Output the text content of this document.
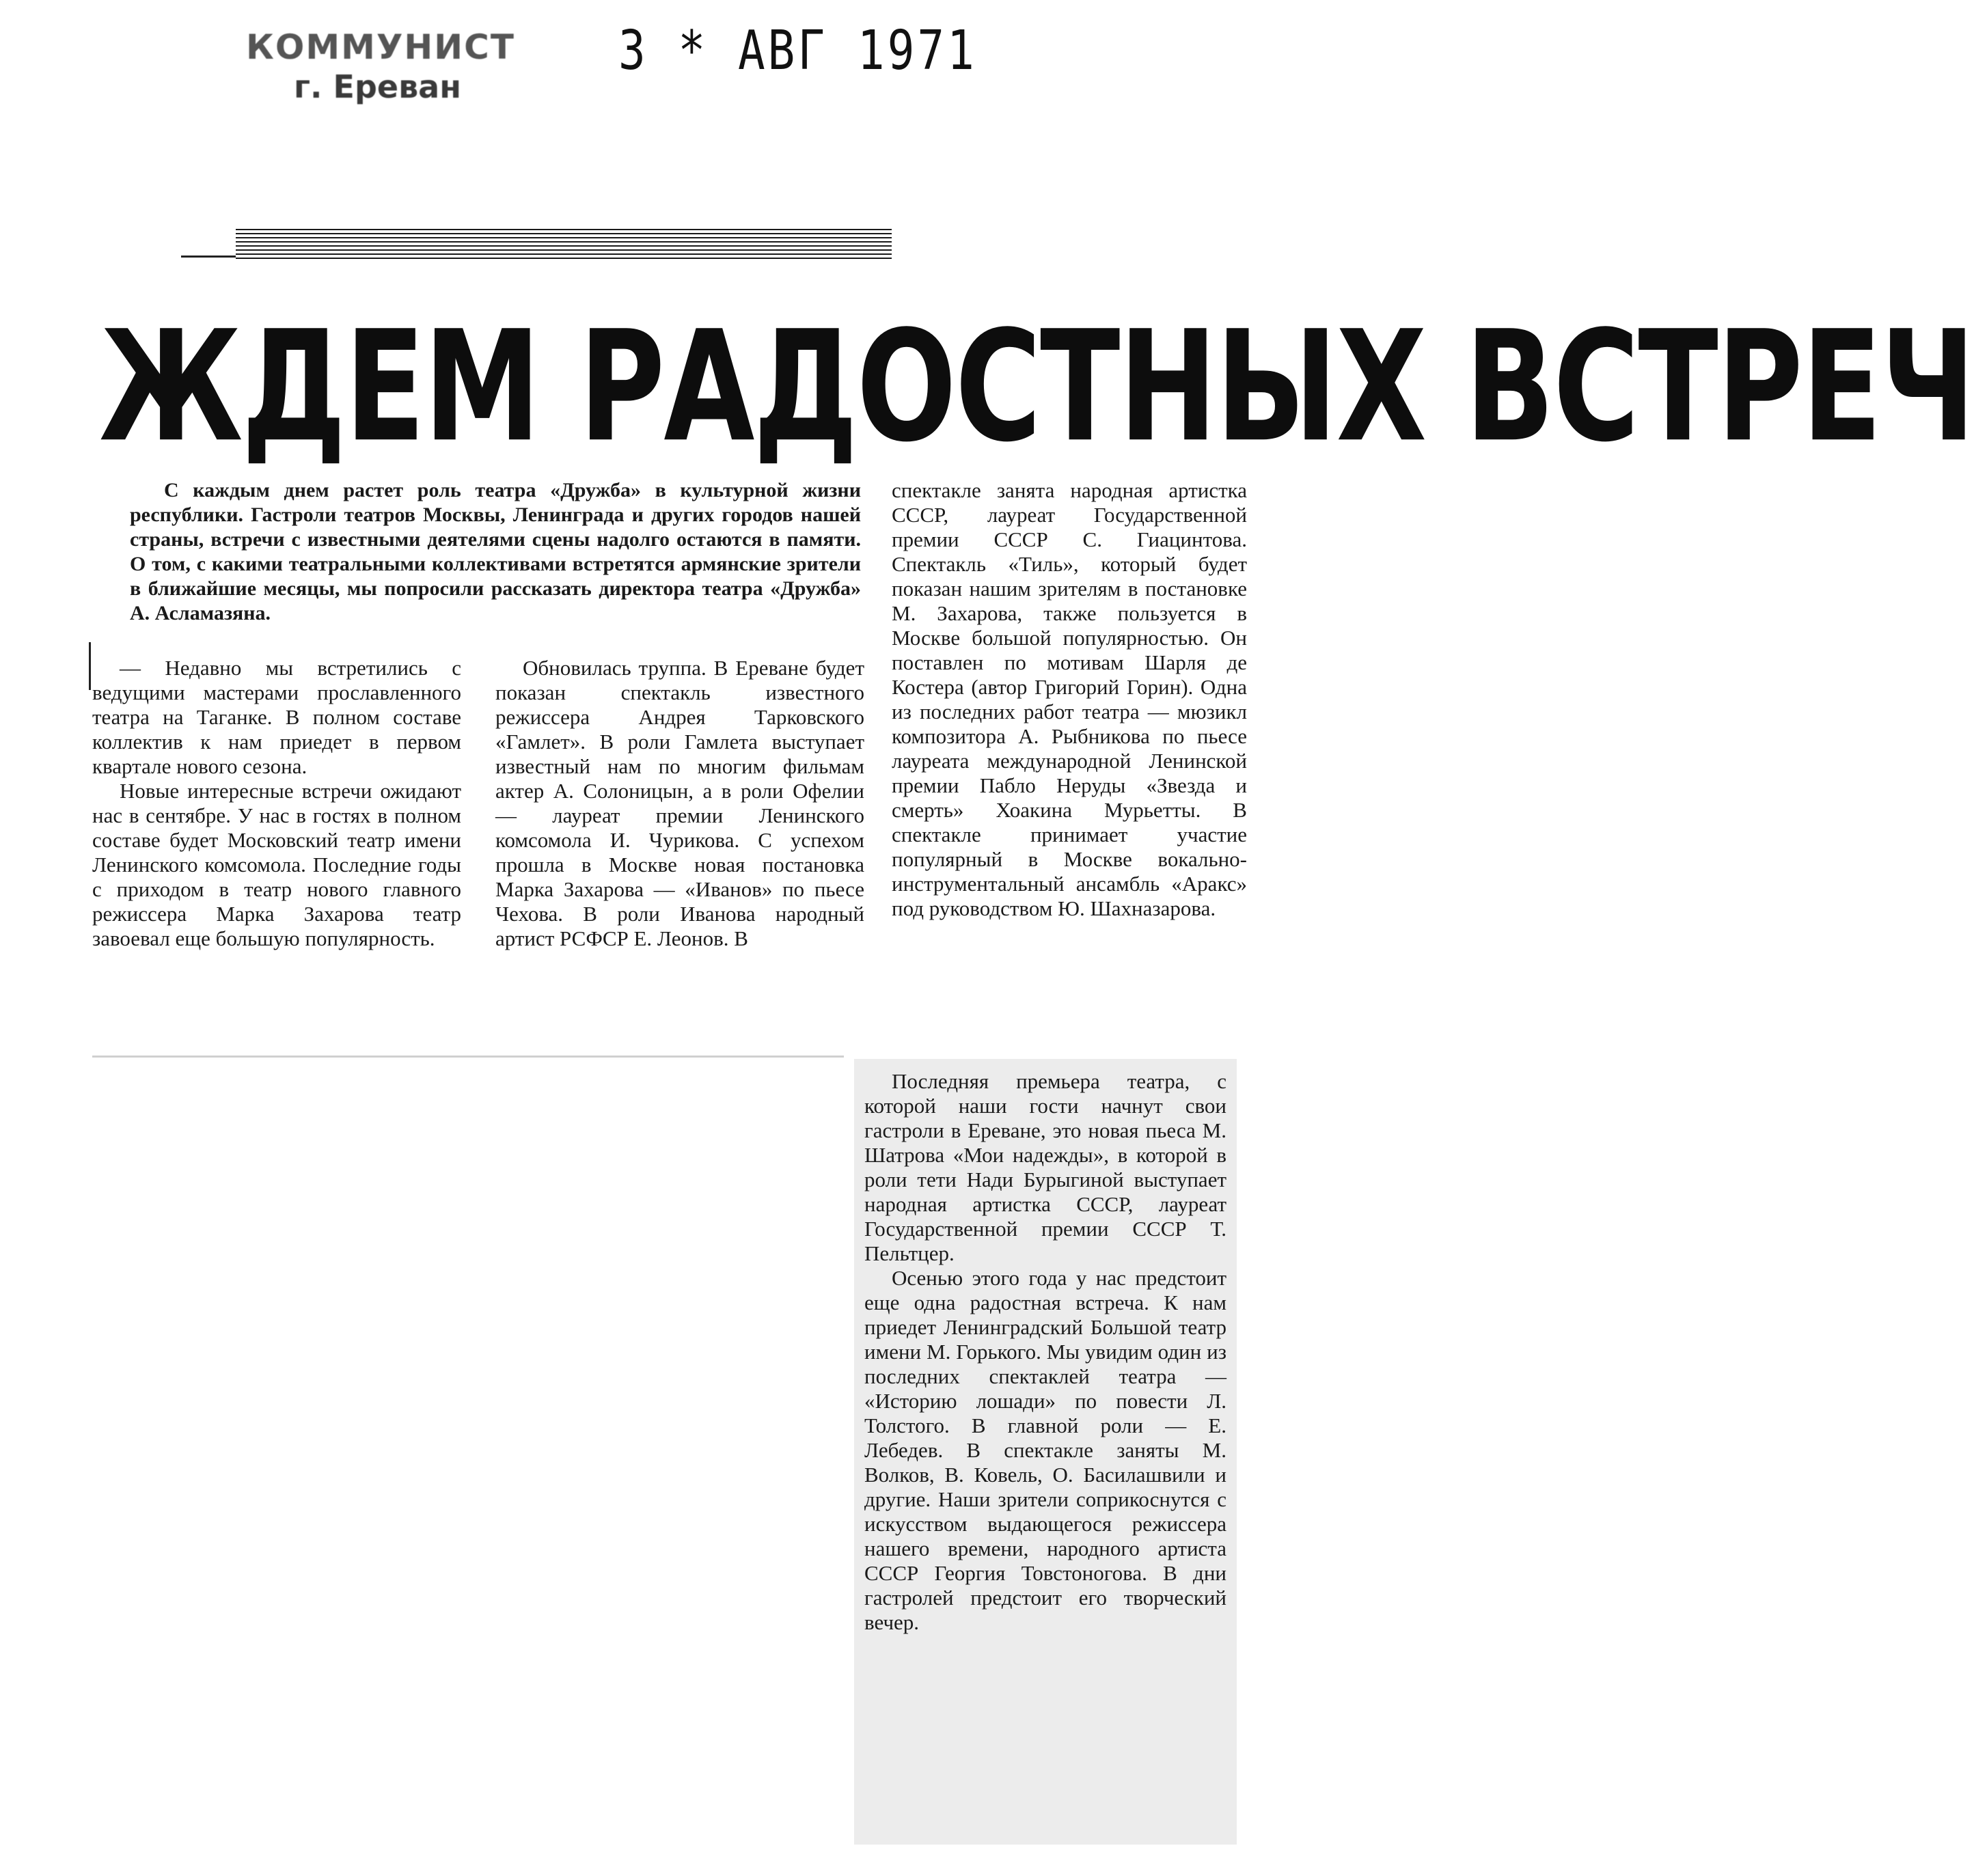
КОММУНИСТ
г. Ереван
3 * АВГ 1971
ЖДЕМ РАДОСТНЫХ ВСТРЕЧ

С каждым днем растет роль театра «Дружба» в культурной жизни республики. Гастроли театров Москвы, Ленинграда и других городов нашей страны, встречи с известными деятелями сцены надолго остаются в памяти. О том, с какими театральными коллективами встретятся армянские зрители в ближайшие месяцы, мы попросили рассказать директора театра «Дружба» А. Асламазяна.

— Недавно мы встретились с ведущими мастерами прославленного театра на Таганке. В полном составе коллектив к нам приедет в первом квартале нового сезона.

Новые интересные встречи ожидают нас в сентябре. У нас в гостях в полном составе будет Московский театр имени Ленинского комсомола. Последние годы с приходом в театр нового главного режиссера Марка Захарова театр завоевал еще большую популярность.

Обновилась труппа. В Ереване будет показан спектакль известного режиссера Андрея Тарковского «Гамлет». В роли Гамлета выступает известный нам по многим фильмам актер А. Солоницын, а в роли Офелии — лауреат премии Ленинского комсомола И. Чурикова. С успехом прошла в Москве новая постановка Марка Захарова — «Иванов» по пьесе Чехова. В роли Иванова народный артист РСФСР Е. Леонов. В

спектакле занята народная артистка СССР, лауреат Государственной премии СССР С. Гиацинтова. Спектакль «Тиль», который будет показан нашим зрителям в постановке М. Захарова, также пользуется в Москве большой популярностью. Он поставлен по мотивам Шарля де Костера (автор Григорий Горин). Одна из последних работ театра — мюзикл композитора А. Рыбникова по пьесе лауреата международной Ленинской премии Пабло Неруды «Звезда и смерть» Хоакина Мурьетты. В спектакле принимает участие популярный в Москве вокально-инструментальный ансамбль «Аракс» под руководством Ю. Шахназарова.

Последняя премьера театра, с которой наши гости начнут свои гастроли в Ереване, это новая пьеса М. Шатрова «Мои надежды», в которой в роли тети Нади Бурыгиной выступает народная артистка СССР, лауреат Государственной премии СССР Т. Пельтцер.

Осенью этого года у нас предстоит еще одна радостная встреча. К нам приедет Ленинградский Большой театр имени М. Горького. Мы увидим один из последних спектаклей театра — «Историю лошади» по повести Л. Толстого. В главной роли — Е. Лебедев. В спектакле заняты М. Волков, В. Ковель, О. Басилашвили и другие. Наши зрители соприкоснутся с искусством выдающегося режиссера нашего времени, народного артиста СССР Георгия Товстоногова. В дни гастролей предстоит его творческий вечер.
